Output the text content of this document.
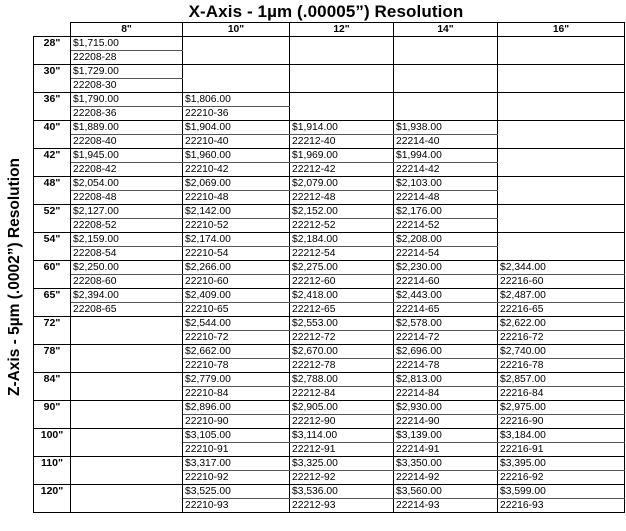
X-Axis - 1µm (.00005”) Resolution
Z-Axis - 5µm (.0002”) Resolution
	8"	10"	12"	14"	16"
28"	$1,715.00				
	22208-28				
30"	$1,729.00				
	22208-30				
36"	$1,790.00	$1,806.00			
	22208-36	22210-36			
40"	$1,889.00	$1,904.00	$1,914.00	$1,938.00	
	22208-40	22210-40	22212-40	22214-40	
42"	$1,945.00	$1,960.00	$1,969.00	$1,994.00	
	22208-42	22210-42	22212-42	22214-42	
48"	$2,054.00	$2,069.00	$2,079.00	$2,103.00	
	22208-48	22210-48	22212-48	22214-48	
52"	$2,127.00	$2,142.00	$2,152.00	$2,176.00	
	22208-52	22210-52	22212-52	22214-52	
54"	$2,159.00	$2,174.00	$2,184.00	$2,208.00	
	22208-54	22210-54	22212-54	22214-54	
60"	$2,250.00	$2,266.00	$2,275.00	$2,230.00	$2,344.00
	22208-60	22210-60	22212-60	22214-60	22216-60
65"	$2,394.00	$2,409.00	$2,418.00	$2,443.00	$2,487.00
	22208-65	22210-65	22212-65	22214-65	22216-65
72"		$2,544.00	$2,553.00	$2,578.00	$2,622.00
		22210-72	22212-72	22214-72	22216-72
78"		$2,662.00	$2,670.00	$2,696.00	$2,740.00
		22210-78	22212-78	22214-78	22216-78
84"		$2,779.00	$2,788.00	$2,813.00	$2,857.00
		22210-84	22212-84	22214-84	22216-84
90"		$2,896.00	$2,905.00	$2,930.00	$2,975.00
		22210-90	22212-90	22214-90	22216-90
100"		$3,105.00	$3,114.00	$3,139.00	$3,184.00
		22210-91	22212-91	22214-91	22216-91
110"		$3,317.00	$3,325.00	$3,350.00	$3,395.00
		22210-92	22212-92	22214-92	22216-92
120"		$3,525.00	$3,536.00	$3,560.00	$3,599.00
		22210-93	22212-93	22214-93	22216-93
